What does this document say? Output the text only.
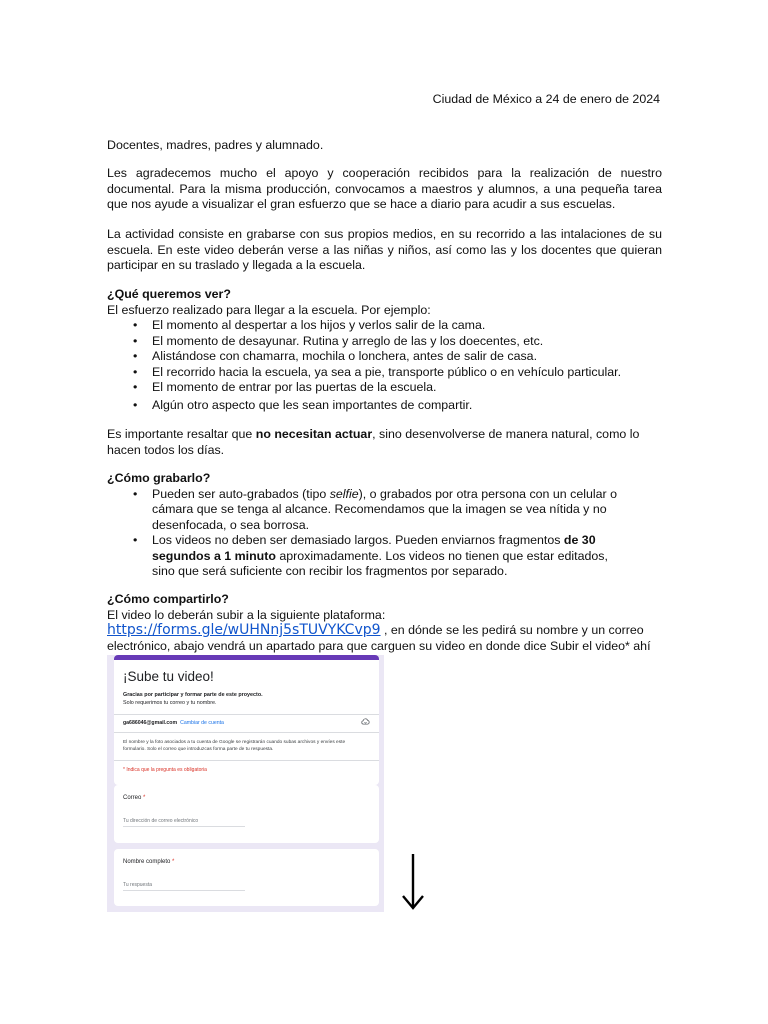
Ciudad de México a 24 de enero de 2024
Docentes, madres, padres y alumnado.

Les agradecemos mucho el apoyo y cooperación recibidos para la realización de nuestro documental. Para la misma producción, convocamos a maestros y alumnos, a una pequeña tarea que nos ayude a visualizar el gran esfuerzo que se hace a diario para acudir a sus escuelas.

La actividad consiste en grabarse con sus propios medios, en su recorrido a las intalaciones de su escuela. En este video deberán verse a las niñas y niños, así como las y los docentes que quieran participar en su traslado y llegada a la escuela.

¿Qué queremos ver?
El esfuerzo realizado para llegar a la escuela. Por ejemplo:
• El momento al despertar a los hijos y verlos salir de la cama.
• El momento de desayunar. Rutina y arreglo de las y los doecentes, etc.
• Alistándose con chamarra, mochila o lonchera, antes de salir de casa.
• El recorrido hacia la escuela, ya sea a pie, transporte público o en vehículo particular.
• El momento de entrar por las puertas de la escuela.
• Algún otro aspecto que les sean importantes de compartir.

Es importante resaltar que no necesitan actuar, sino desenvolverse de manera natural, como lo hacen todos los días.

¿Cómo grabarlo?
• Pueden ser auto-grabados (tipo selfie), o grabados por otra persona con un celular o cámara que se tenga al alcance. Recomendamos que la imagen se vea nítida y no desenfocada, o sea borrosa.
• Los videos no deben ser demasiado largos. Pueden enviarnos fragmentos de 30 segundos a 1 minuto aproximadamente. Los videos no tienen que estar editados, sino que será suficiente con recibir los fragmentos por separado.
¿Cómo compartirlo?

El video lo deberán subir a la siguiente plataforma: https://forms.gle/wUHNnj5sTUVYKCvp9 , en dónde se les pedirá su nombre y un correo electrónico, abajo vendrá un apartado para que carguen su video en donde dice Subir el video* ahí

¡Sube tu video!
Gracias por participar y formar parte de este proyecto.
Solo requerimos tu correo y tu nombre.
ga686046@gmail.com Cambiar de cuenta
El nombre y la foto asociados a tu cuenta de Google se registrarán cuando subas archivos y envíes este formulario. Solo el correo que introduzcas forma parte de tu respuesta.
* Indica que la pregunta es obligatoria
Correo *
Tu dirección de correo electrónico
Nombre completo *
Tu respuesta
